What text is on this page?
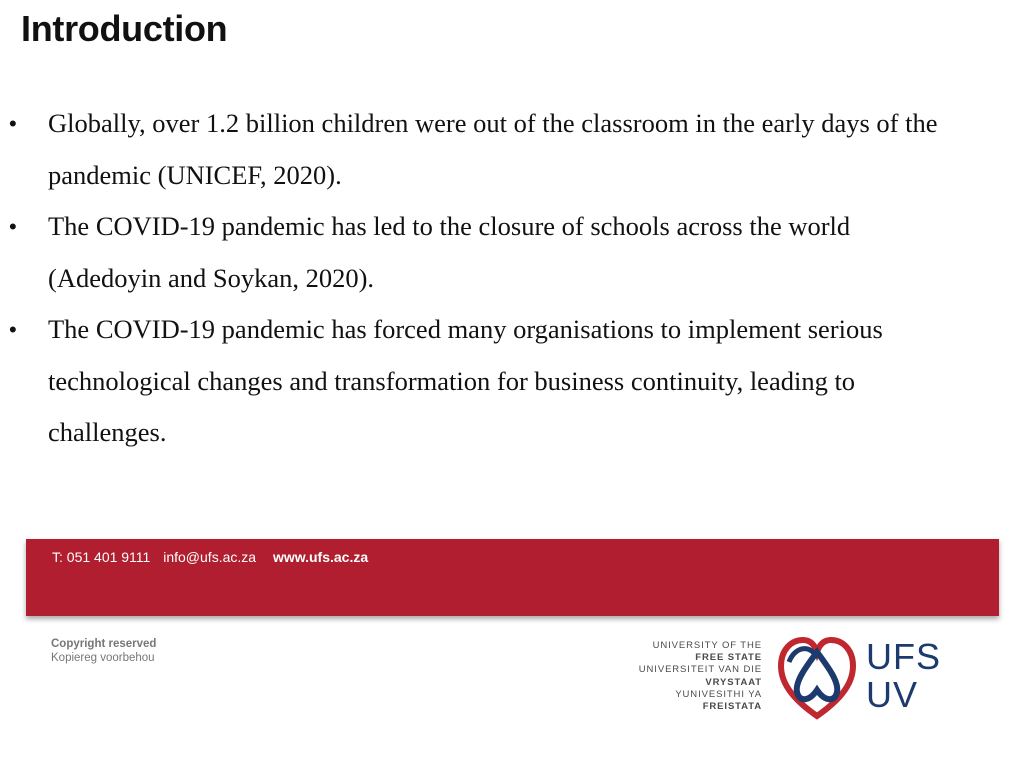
Introduction
• Globally, over 1.2 billion children were out of the classroom in the early days of the
pandemic (UNICEF, 2020).
• The COVID-19 pandemic has led to the closure of schools across the world
(Adedoyin and Soykan, 2020).
• The COVID-19 pandemic has forced many organisations to implement serious
technological changes and transformation for business continuity, leading to
challenges.
T: 051 401 9111 info@ufs.ac.za www.ufs.ac.za
Copyright reserved
Kopiereg voorbehou
UNIVERSITY OF THE
FREE STATE
UNIVERSITEIT VAN DIE
VRYSTAAT
YUNIVESITHI YA
FREISTATA
UFS
UV
